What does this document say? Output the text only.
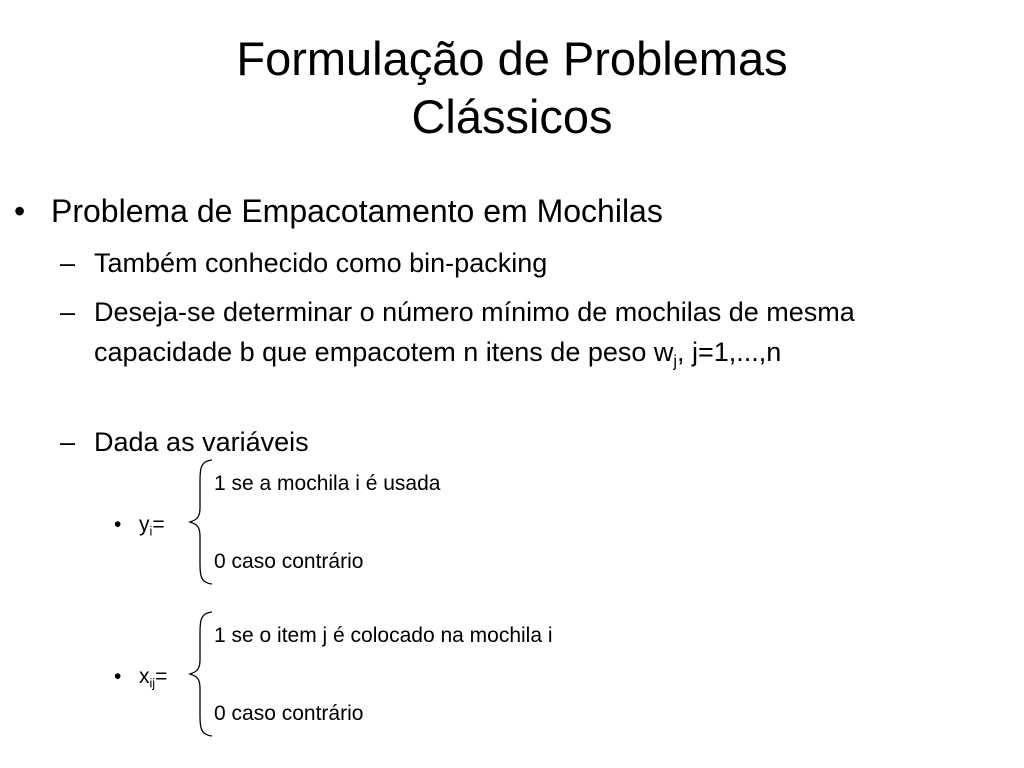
Formulação de Problemas
Clássicos
• Problema de Empacotamento em Mochilas
– Também conhecido como bin-packing
– Deseja-se determinar o número mínimo de mochilas de mesma capacidade b que empacotem n itens de peso $w_j$, j=1,...,n
– Dada as variáveis
1 se a mochila i é usada
• $y_i=$
0 caso contrário
1 se o item j é colocado na mochila i
• $x_{ij}=$
0 caso contrário
